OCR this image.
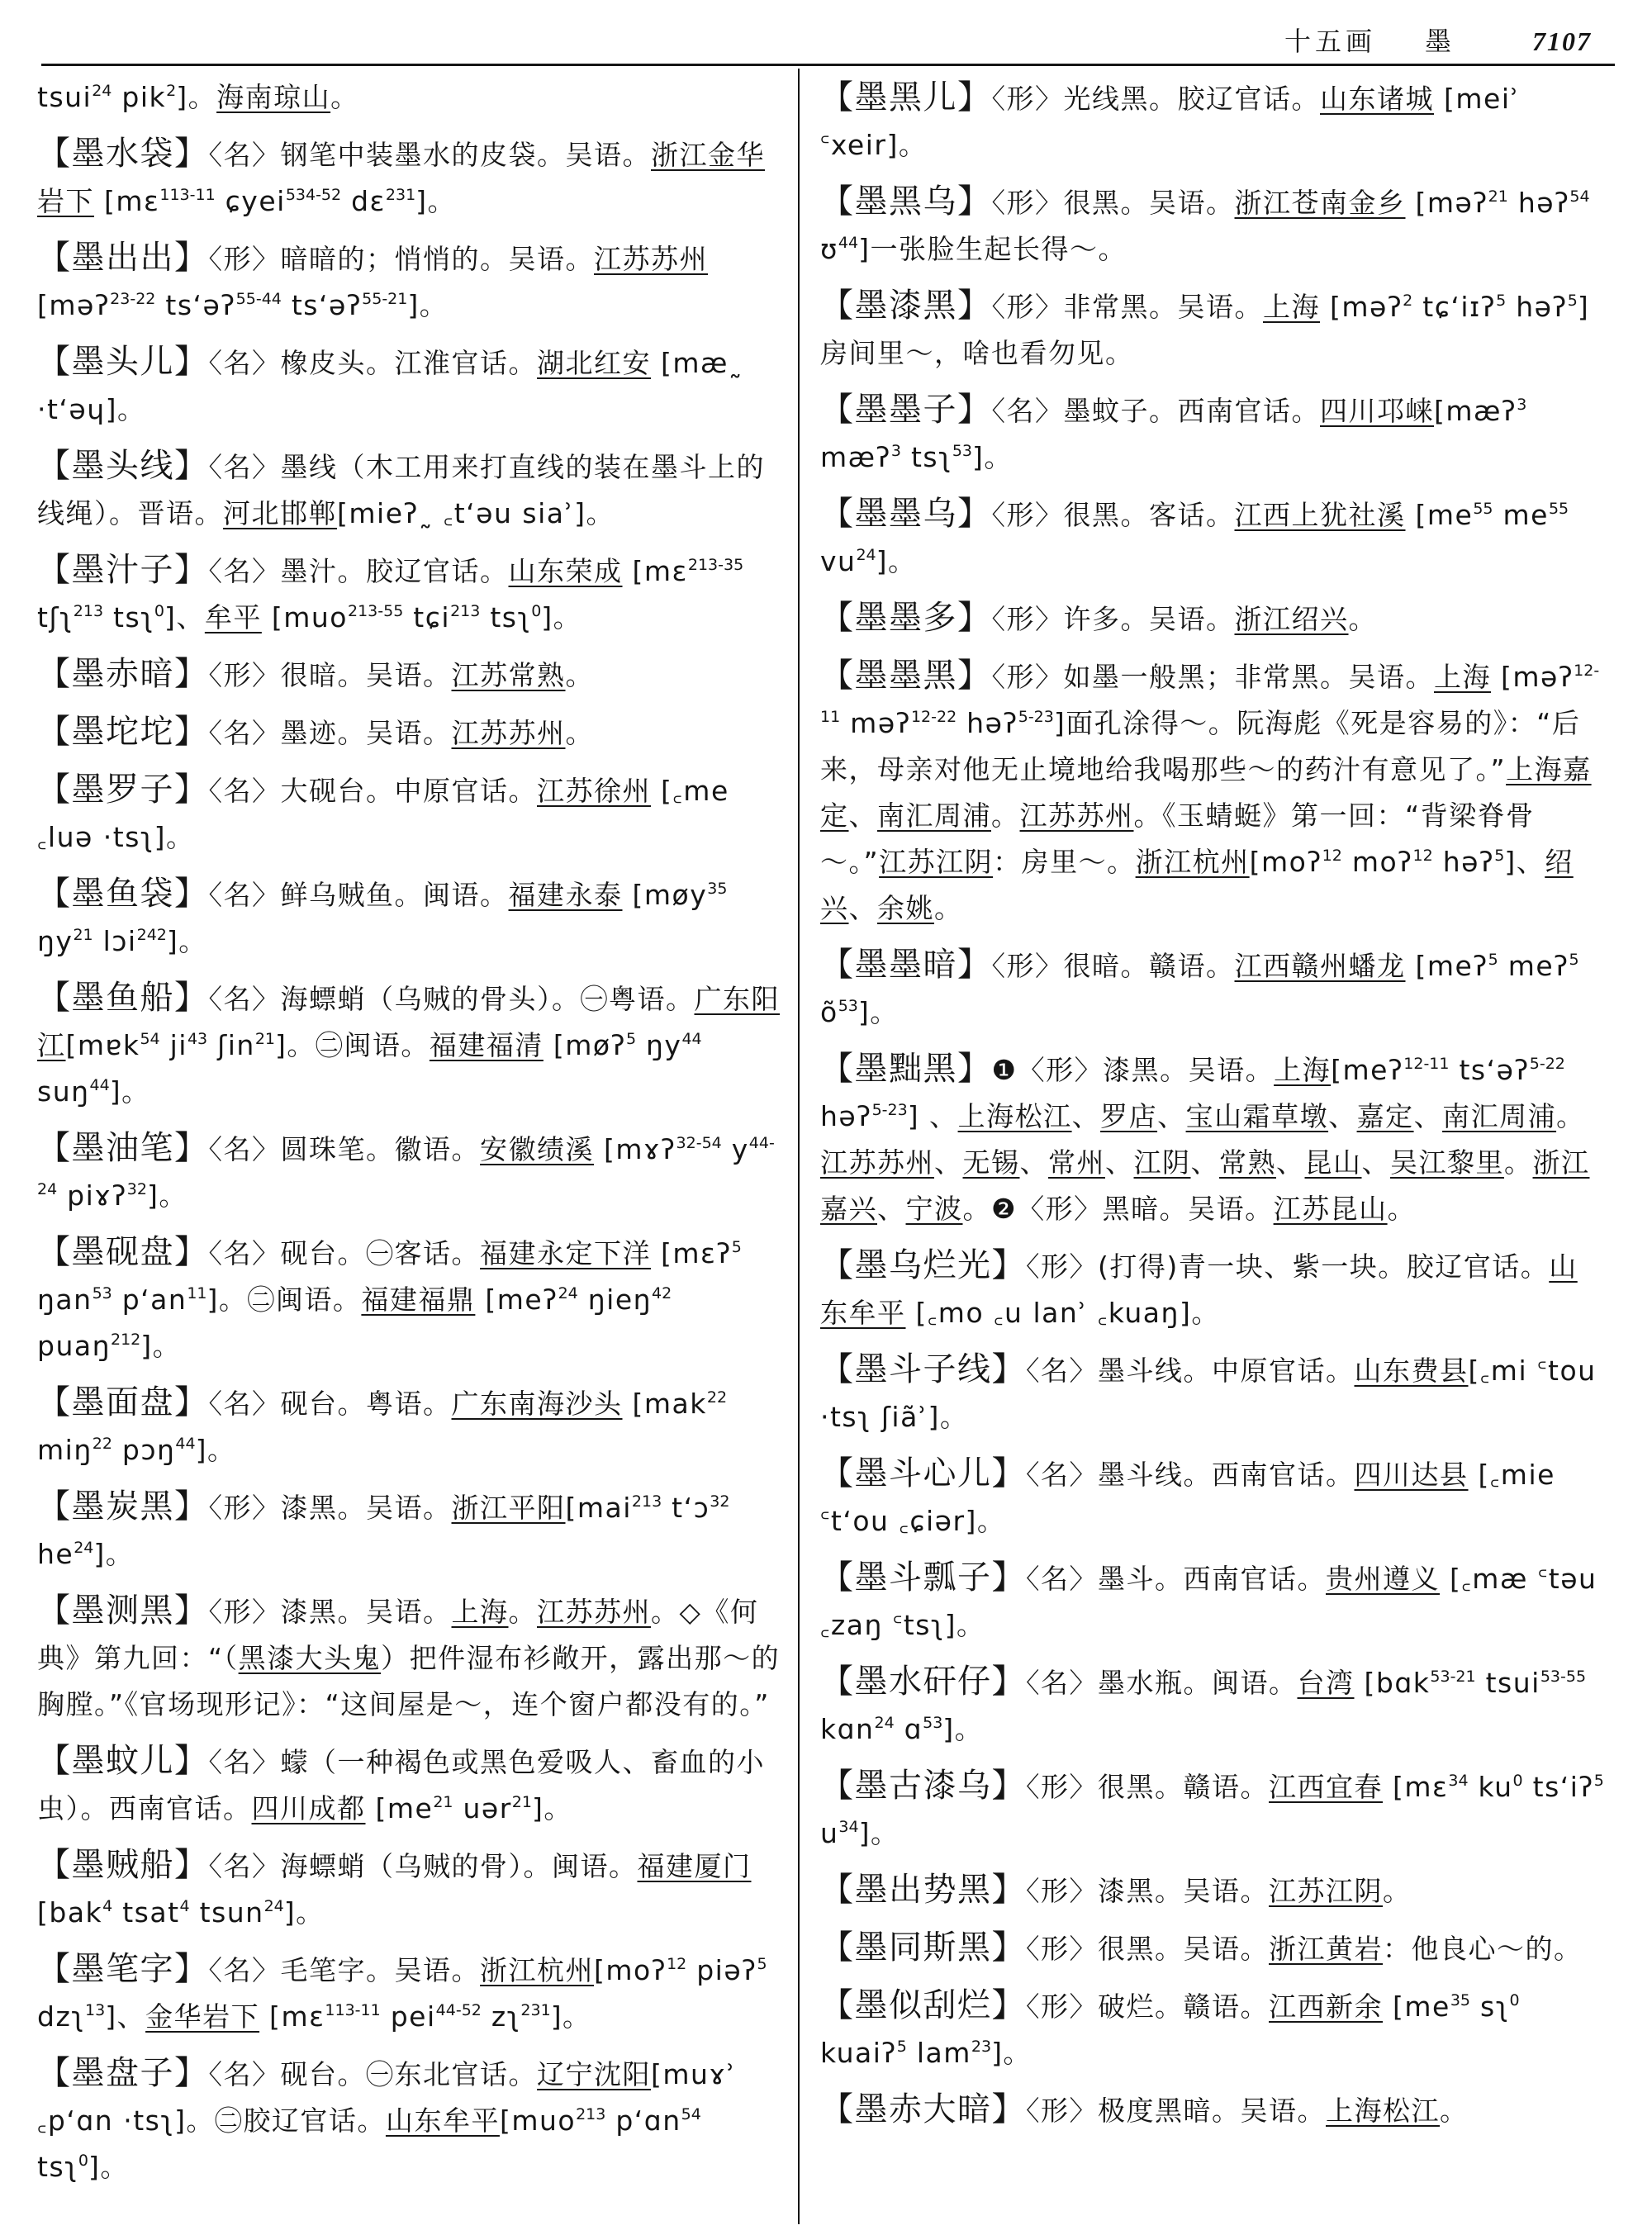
十五画 墨	7107
tsui$^{24}$ pik$^2$]。海南琼山。
【墨水袋】〈名〉钢笔中装墨水的皮袋。吴语。浙江金华岩下 [mɛ$^{113-11}$ ɕyei$^{534-52}$ dɛ$^{231}$]。
【墨出出】〈形〉暗暗的；悄悄的。吴语。江苏苏州 [məʔ$^{23-22}$ tsʻəʔ$^{55-44}$ tsʻəʔ$^{55-21}$]。
【墨头儿】〈名〉橡皮头。江淮官话。湖北红安 [mæ˷ ·tʻəɥ]。
【墨头线】〈名〉墨线（木工用来打直线的装在墨斗上的线绳）。晋语。河北邯郸[mieʔ˷ ꜀tʻəu siaʾ]。
【墨汁子】〈名〉墨汁。胶辽官话。山东荣成 [mɛ$^{213-35}$ tʃʅ$^{213}$ tsʅ$^0$]、牟平 [muo$^{213-55}$ tɕi$^{213}$ tsʅ$^0$]。
【墨赤暗】〈形〉很暗。吴语。江苏常熟。
【墨坨坨】〈名〉墨迹。吴语。江苏苏州。
【墨罗子】〈名〉大砚台。中原官话。江苏徐州 [꜀me ꜀luə ·tsʅ]。
【墨鱼袋】〈名〉鲜乌贼鱼。闽语。福建永泰 [møy$^{35}$ $ŋy^{21}$ lɔi$^{242}$]。
【墨鱼船】〈名〉海螵蛸（乌贼的骨头）。㊀粤语。广东阳江[mɐk$^{54}$ $ji^{43}$ ʃin$^{21}$]。㊁闽语。福建福清 [møʔ$^5$ $ŋy^{44}$ suŋ$^{44}$]。
【墨油笔】〈名〉圆珠笔。徽语。安徽绩溪 [mɤʔ$^{32-54}$ $y^{44-24}$ piɤʔ$^{32}$]。
【墨砚盘】〈名〉砚台。㊀客话。福建永定下洋 [mɛʔ$^5$ ŋan$^{53}$ pʻan$^{11}$]。㊁闽语。福建福鼎 [meʔ$^{24}$ ŋieŋ$^{42}$ puaŋ$^{212}$]。
【墨面盘】〈名〉砚台。粤语。广东南海沙头 [mak$^{22}$ miŋ$^{22}$ pɔŋ$^{44}$]。
【墨炭黑】〈形〉漆黑。吴语。浙江平阳[mai$^{213}$ tʻɔ$^{32}$ $he^{24}$]。
【墨测黑】〈形〉漆黑。吴语。上海。江苏苏州。◇《何典》第九回：“（黑漆大头鬼）把件湿布衫敞开，露出那～的胸膛。”《官场现形记》：“这间屋是～，连个窗户都没有的。”
【墨蚊儿】〈名〉蠓（一种褐色或黑色爱吸人、畜血的小虫）。西南官话。四川成都 [$me^{21}$ uər$^{21}$]。
【墨贼船】〈名〉海螵蛸（乌贼的骨）。闽语。福建厦门 [bak$^4$ tsat$^4$ tsun$^{24}$]。
【墨笔字】〈名〉毛笔字。吴语。浙江杭州[moʔ$^{12}$ piəʔ$^5$ dzʅ$^{13}$]、金华岩下 [mɛ$^{113-11}$ pei$^{44-52}$ zʅ$^{231}$]。
【墨盘子】〈名〉砚台。㊀东北官话。辽宁沈阳[muɤʾ ꜀pʻɑn ·tsʅ]。㊁胶辽官话。山东牟平[muo$^{213}$ pʻɑn$^{54}$ tsʅ$^0$]。
【墨黑儿】〈形〉光线黑。胶辽官话。山东诸城 [meiʾ ꜂xeir]。
【墨黑乌】〈形〉很黑。吴语。浙江苍南金乡 [məʔ$^{21}$ həʔ$^{54}$ ʊ$^{44}$]一张脸生起长得～。
【墨漆黑】〈形〉非常黑。吴语。上海 [məʔ$^2$ tɕʻiɪʔ$^5$ həʔ$^5$] 房间里～，啥也看勿见。
【墨墨子】〈名〉墨蚊子。西南官话。四川邛崃[mæʔ$^3$ mæʔ$^3$ tsʅ$^{53}$]。
【墨墨乌】〈形〉很黑。客话。江西上犹社溪 [$me^{55}$ $me^{55}$ $vu^{24}$]。
【墨墨多】〈形〉许多。吴语。浙江绍兴。
【墨墨黑】〈形〉如墨一般黑；非常黑。吴语。上海 [məʔ$^{12-11}$ məʔ$^{12-22}$ həʔ$^{5-23}$]面孔涂得～。阮海彪《死是容易的》：“后来，母亲对他无止境地给我喝那些～的药汁有意见了。”上海嘉定、南汇周浦。江苏苏州。《玉蜻蜓》第一回：“背梁脊骨～。”江苏江阴：房里～。浙江杭州[moʔ$^{12}$ moʔ$^{12}$ həʔ$^5$]、绍兴、余姚。
【墨墨暗】〈形〉很暗。赣语。江西赣州蟠龙 [meʔ$^5$ meʔ$^5$ $õ^{53}$]。
【墨黜黑】❶〈形〉漆黑。吴语。上海[meʔ$^{12-11}$ tsʻəʔ$^{5-22}$ həʔ$^{5-23}$] 、上海松江、罗店、宝山霜草墩、嘉定、南汇周浦。江苏苏州、无锡、常州、江阴、常熟、昆山、吴江黎里。浙江嘉兴、宁波。❷〈形〉黑暗。吴语。江苏昆山。
【墨乌烂光】〈形〉(打得)青一块、紫一块。胶辽官话。山东牟平 [꜀mo ꜀u lanʾ ꜀kuaŋ]。
【墨斗子线】〈名〉墨斗线。中原官话。山东费县[꜀mi ꜂tou ·tsʅ ʃiãʾ]。
【墨斗心儿】〈名〉墨斗线。西南官话。四川达县 [꜀mie ꜂tʻou ꜀ɕiər]。
【墨斗瓢子】〈名〉墨斗。西南官话。贵州遵义 [꜀mæ ꜂təu ꜀zaŋ ꜂tsʅ]。
【墨水矸仔】〈名〉墨水瓶。闽语。台湾 [bɑk$^{53-21}$ tsui$^{53-55}$ kɑn$^{24}$ ɑ$^{53}$]。
【墨古漆乌】〈形〉很黑。赣语。江西宜春 [mɛ$^{34}$ $ku^0$ tsʻiʔ$^5$ $u^{34}$]。
【墨出势黑】〈形〉漆黑。吴语。江苏江阴。
【墨同斯黑】〈形〉很黑。吴语。浙江黄岩：他良心～的。
【墨似刮烂】〈形〉破烂。赣语。江西新余 [$me^{35}$ sʅ$^0$ kuaiʔ$^5$ lam$^{23}$]。
【墨赤大暗】〈形〉极度黑暗。吴语。上海松江。
